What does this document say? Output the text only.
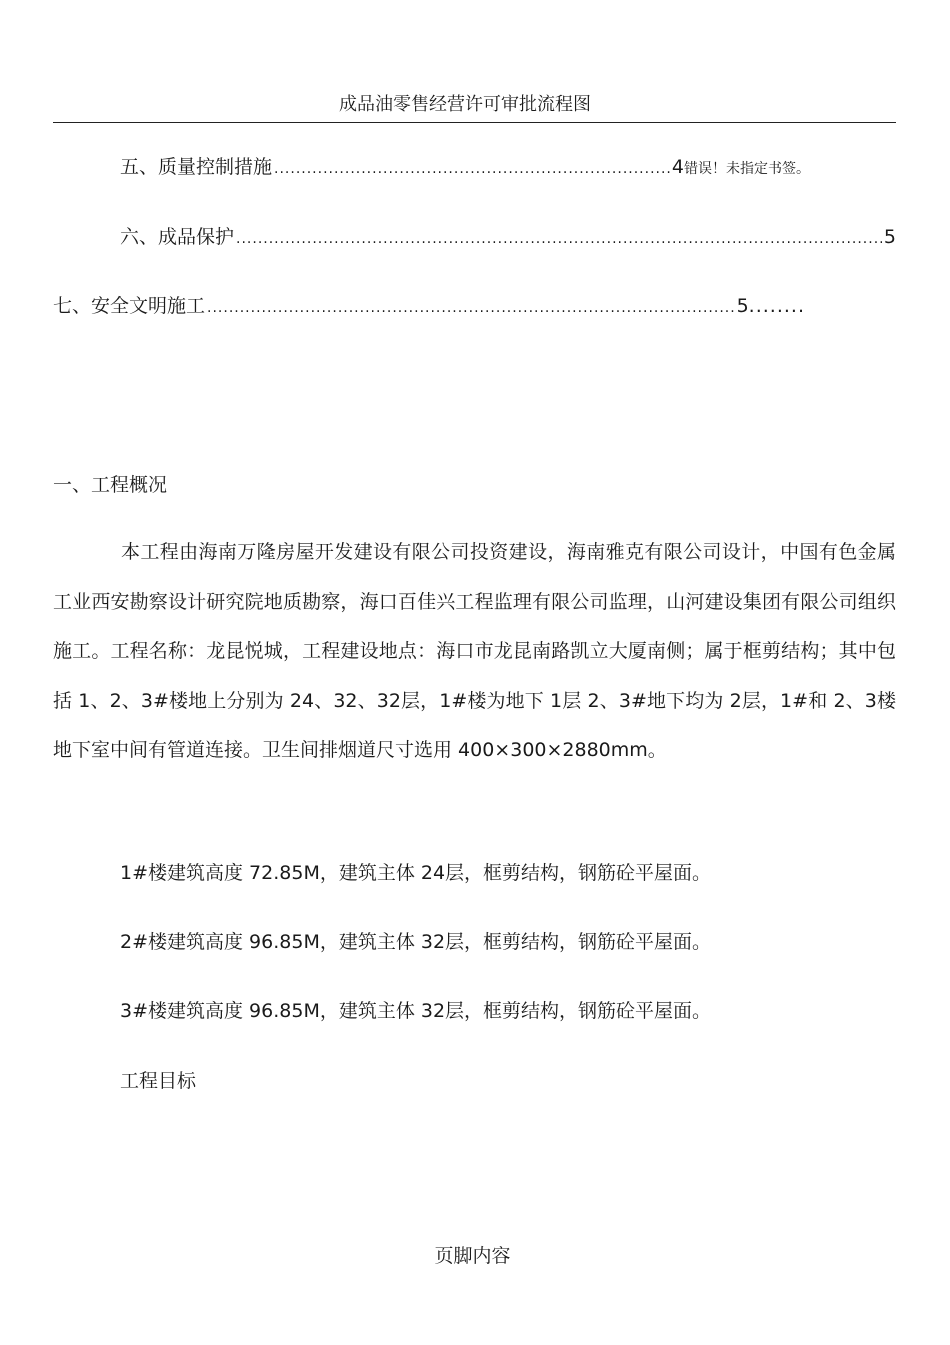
成品油零售经营许可审批流程图
五、质量控制措施 .....	4 错误！未指定书签。
六、成品保护 .....	5
七、安全文明施工 .....	5 ........
一、工程概况

本工程由海南万隆房屋开发建设有限公司投资建设，海南雅克有限公司设计，中国有色金属工业西安勘察设计研究院地质勘察，海口百佳兴工程监理有限公司监理，山河建设集团有限公司组织施工。工程名称：龙昆悦城，工程建设地点：海口市龙昆南路凯立大厦南侧；属于框剪结构；其中包括 1、2、3#楼地上分别为 24、32、32层，1#楼为地下 1层 2、3#地下均为 2层，1#和 2、3楼地下室中间有管道连接。卫生间排烟道尺寸选用 400×300×2880mm。

1#楼建筑高度 72.85M，建筑主体 24层，框剪结构，钢筋砼平屋面。
2#楼建筑高度 96.85M，建筑主体 32层，框剪结构，钢筋砼平屋面。
3#楼建筑高度 96.85M，建筑主体 32层，框剪结构，钢筋砼平屋面。
工程目标
页脚内容
